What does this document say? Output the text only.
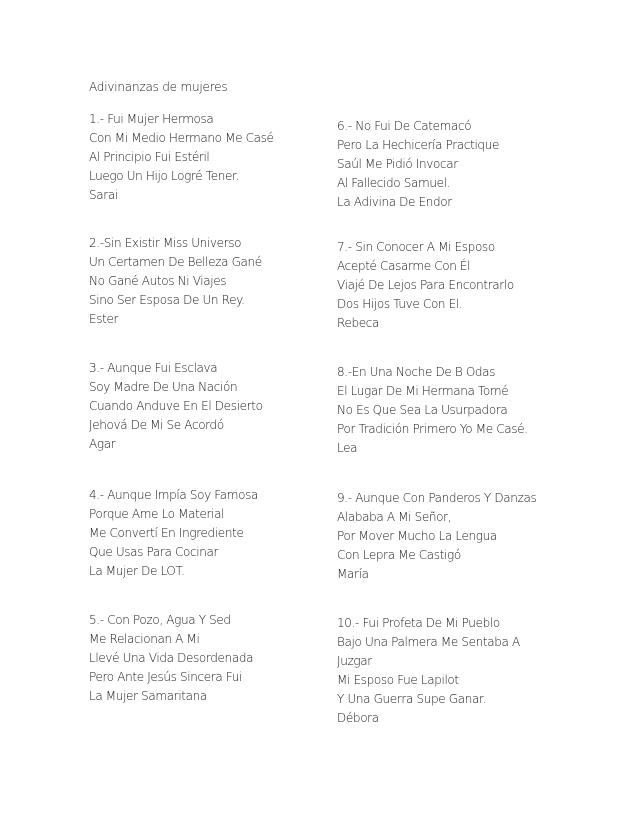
Adivinanzas de mujeres
1.- Fui Mujer Hermosa
Con Mi Medio Hermano Me Casé
Al Principio Fui Estéril
Luego Un Hijo Logré Tener.
Sarai
2.-Sin Existir Miss Universo
Un Certamen De Belleza Gané
No Gané Autos Ni Viajes
Sino Ser Esposa De Un Rey.
Ester
3.- Aunque Fui Esclava
Soy Madre De Una Nación
Cuando Anduve En El Desierto
Jehová De Mi Se Acordó
Agar
4.- Aunque Impía Soy Famosa
Porque Ame Lo Material
Me Convertí En Ingrediente
Que Usas Para Cocinar
La Mujer De LOT.
5.- Con Pozo, Agua Y Sed
Me Relacionan A Mi
Llevé Una Vida Desordenada
Pero Ante Jesús Sincera Fui
La Mujer Samaritana
6.- No Fui De Catemacó
Pero La Hechicería Practique
Saúl Me Pidió Invocar
Al Fallecido Samuel.
La Adivina De Endor
7.- Sin Conocer A Mi Esposo
Acepté Casarme Con Él
Viajé De Lejos Para Encontrarlo
Dos Hijos Tuve Con El.
Rebeca
8.-En Una Noche De B Odas
El Lugar De Mi Hermana Tomé
No Es Que Sea La Usurpadora
Por Tradición Primero Yo Me Casé.
Lea
9.- Aunque Con Panderos Y Danzas
Alababa A Mi Señor,
Por Mover Mucho La Lengua
Con Lepra Me Castigó
María
10.- Fui Profeta De Mi Pueblo
Bajo Una Palmera Me Sentaba A
Juzgar
Mi Esposo Fue Lapilot
Y Una Guerra Supe Ganar.
Débora
